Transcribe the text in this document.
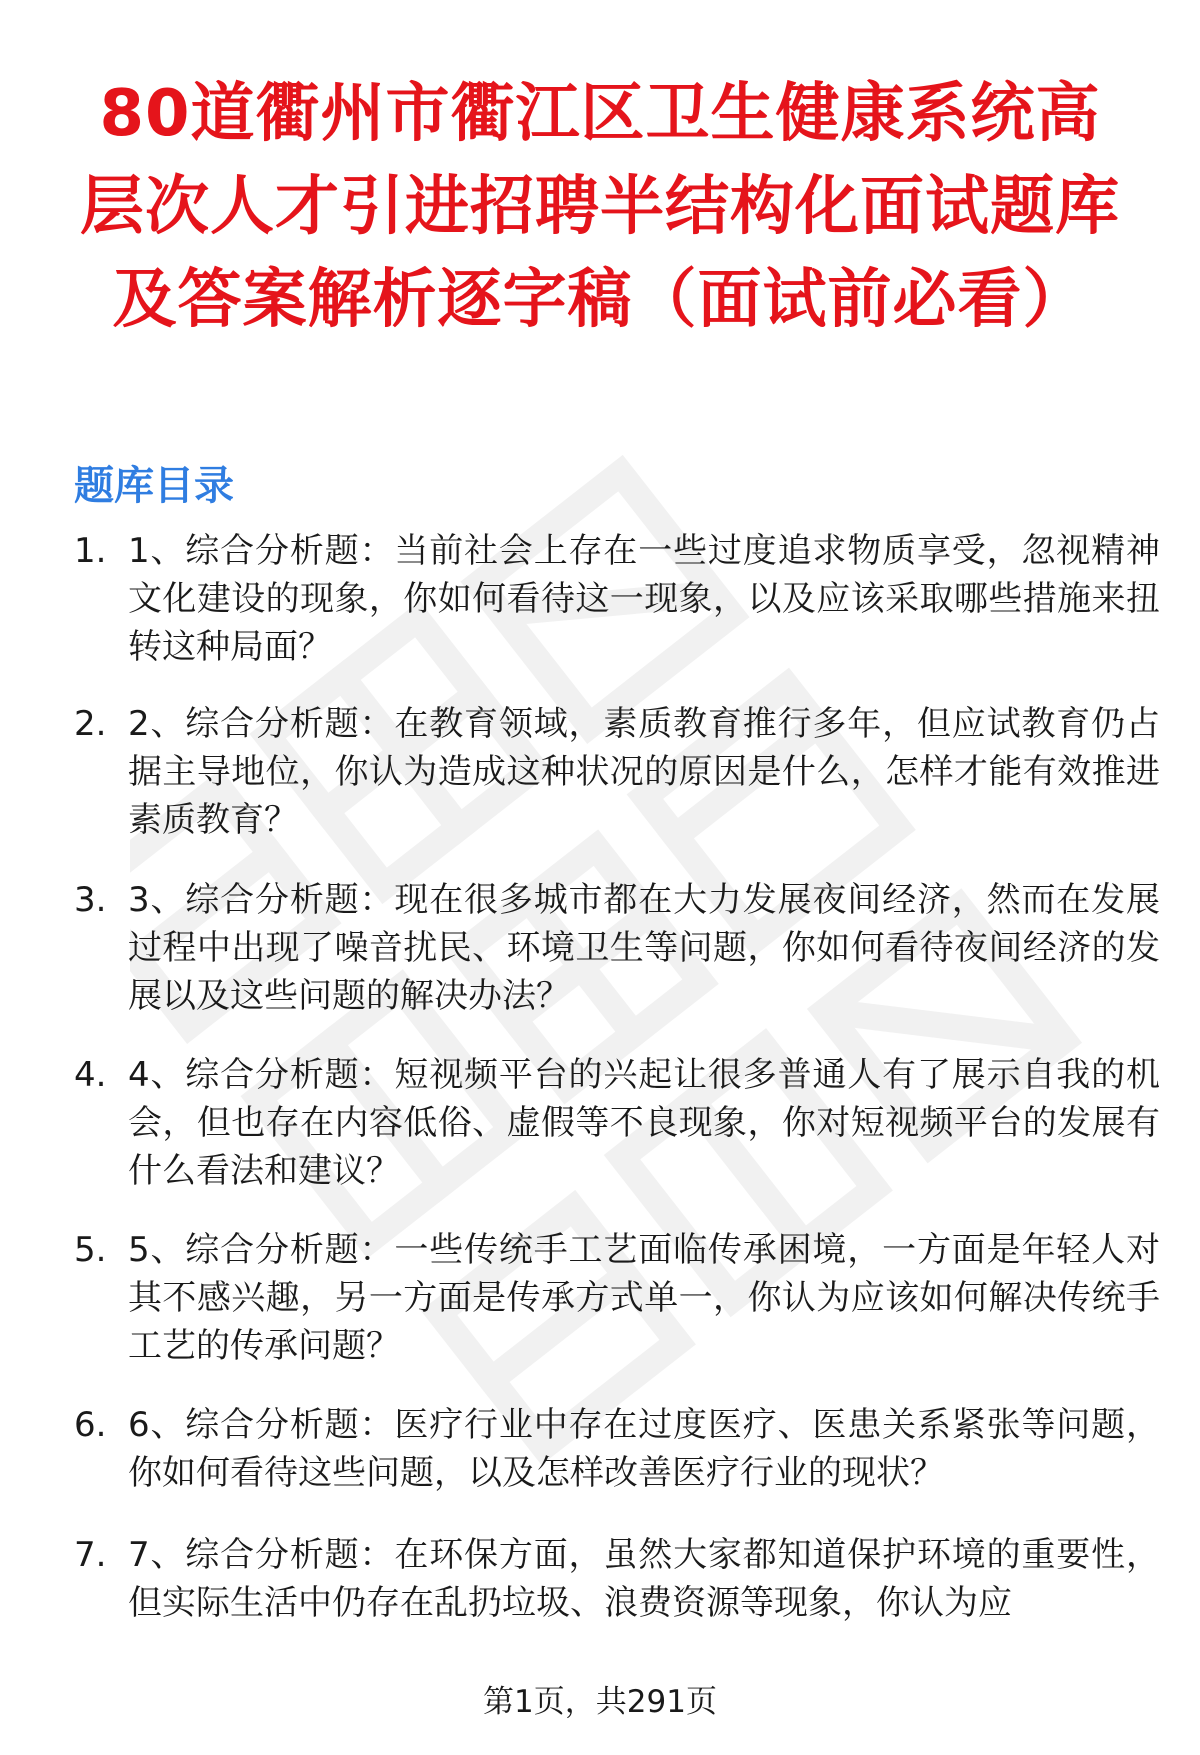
80道衢州市衢江区卫生健康系统高层次人才引进招聘半结构化面试题库及答案解析逐字稿（面试前必看）
题库目录
1. 1、综合分析题：当前社会上存在一些过度追求物质享受，忽视精神文化建设的现象，你如何看待这一现象，以及应该采取哪些措施来扭转这种局面？
2. 2、综合分析题：在教育领域，素质教育推行多年，但应试教育仍占据主导地位，你认为造成这种状况的原因是什么，怎样才能有效推进素质教育？
3. 3、综合分析题：现在很多城市都在大力发展夜间经济，然而在发展过程中出现了噪音扰民、环境卫生等问题，你如何看待夜间经济的发展以及这些问题的解决办法？
4. 4、综合分析题：短视频平台的兴起让很多普通人有了展示自我的机会，但也存在内容低俗、虚假等不良现象，你对短视频平台的发展有什么看法和建议？
5. 5、综合分析题：一些传统手工艺面临传承困境，一方面是年轻人对其不感兴趣，另一方面是传承方式单一，你认为应该如何解决传统手工艺的传承问题？
6. 6、综合分析题：医疗行业中存在过度医疗、医患关系紧张等问题，你如何看待这些问题，以及怎样改善医疗行业的现状？
7. 7、综合分析题：在环保方面，虽然大家都知道保护环境的重要性，但实际生活中仍存在乱扔垃圾、浪费资源等现象，你认为应
第1页，共291页
